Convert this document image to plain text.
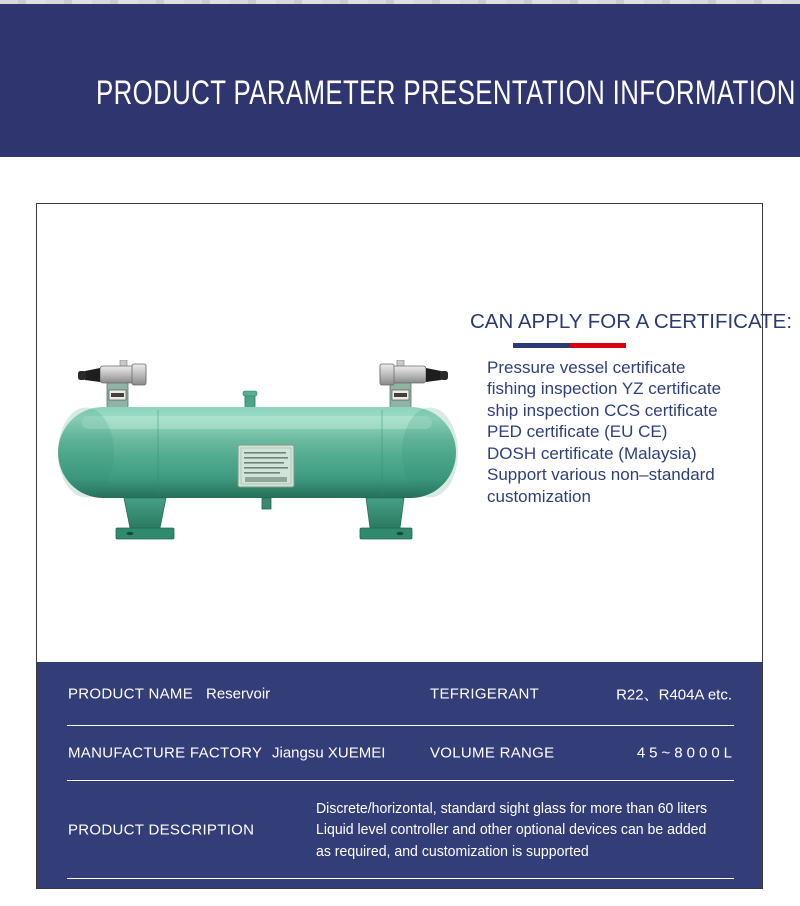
PRODUCT PARAMETER PRESENTATION INFORMATION
CAN APPLY FOR A CERTIFICATE:
Pressure vessel certificate
fishing inspection YZ certificate
ship inspection CCS certificate
PED certificate (EU CE)
DOSH certificate (Malaysia)
Support various non–standard
customization
PRODUCT NAME Reservoir	TEFRIGERANT	R22、R404A etc.
MANUFACTURE FACTORY Jiangsu XUEMEI	VOLUME RANGE	45~8000L
PRODUCT DESCRIPTION
Discrete/horizontal, standard sight glass for more than 60 liters
Liquid level controller and other optional devices can be added
as required, and customization is supported
